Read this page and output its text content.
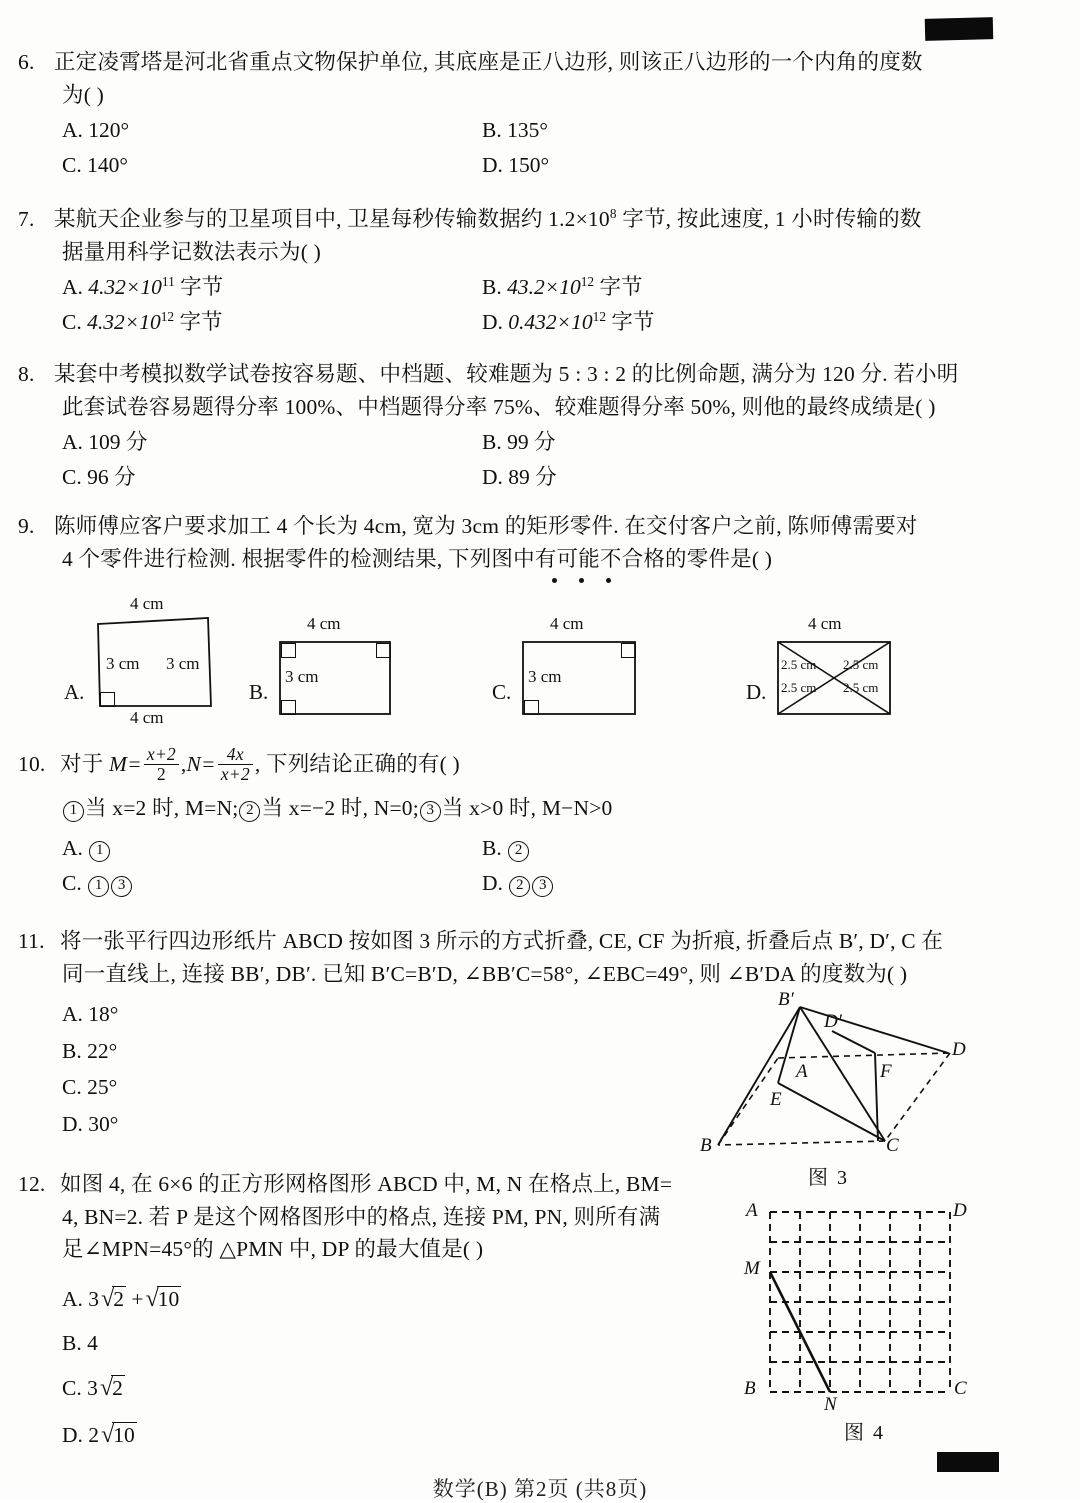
6. 正定凌霄塔是河北省重点文物保护单位, 其底座是正八边形, 则该正八边形的一个内角的度数
为( )
A. 120°	B. 135°
C. 140°	D. 150°
7. 某航天企业参与的卫星项目中, 卫星每秒传输数据约 $1.2\times 10^8$ 字节, 按此速度, 1 小时传输的数
据量用科学记数法表示为( )
A. $4.32\times 10^{11}$ 字节	B. $43.2\times 10^{12}$ 字节
C. $4.32\times 10^{12}$ 字节	D. $0.432\times 10^{12}$ 字节
8. 某套中考模拟数学试卷按容易题、中档题、较难题为 5 : 3 : 2 的比例命题, 满分为 120 分. 若小明
此套试卷容易题得分率 100%、中档题得分率 75%、较难题得分率 50%, 则他的最终成绩是( )
A. 109 分	B. 99 分
C. 96 分	D. 89 分
9. 陈师傅应客户要求加工 4 个长为 4cm, 宽为 3cm 的矩形零件. 在交付客户之前, 陈师傅需要对
4 个零件进行检测. 根据零件的检测结果, 下列图中有可能不合格的零件是( )
4 cm
3 cm 3 cm
4 cm
A.
4 cm
3 cm
B.
4 cm
3 cm
C.
4 cm
2.5 cm 2.5 cm
2.5 cm 2.5 cm
D.
10. 对于 $M= \frac{x+2}{2} ,N= \frac{4x}{x+2}$ , 下列结论正确的有( )
1 当 x=2 时, M=N; 2 当 x=−2 时, N=0; 3 当 x>0 时, M−N>0
A. 1	B. 2
C. 1 3	D. 2 3
11. 将一张平行四边形纸片 ABCD 按如图 3 所示的方式折叠, CE, CF 为折痕, 折叠后点 B′, D′, C 在
同一直线上, 连接 BB′, DB′. 已知 B′C=B′D, ∠BB′C=58°, ∠EBC=49°, 则 ∠B′DA 的度数为( )
A. 18°
B. 22°
C. 25°
D. 30°
B′
D′
D
A	F
E
B	C
图 3
12. 如图 4, 在 6×6 的正方形网格图形 ABCD 中, M, N 在格点上, BM=
4, BN=2. 若 P 是这个网格图形中的格点, 连接 PM, PN, 则所有满
足∠MPN=45°的 △PMN 中, DP 的最大值是( )
A. 3√2 +√10
B. 4
C. 3√2
D. 2√10
A	D
B	C
M
N
图 4
数学(B) 第2页 (共8页)
